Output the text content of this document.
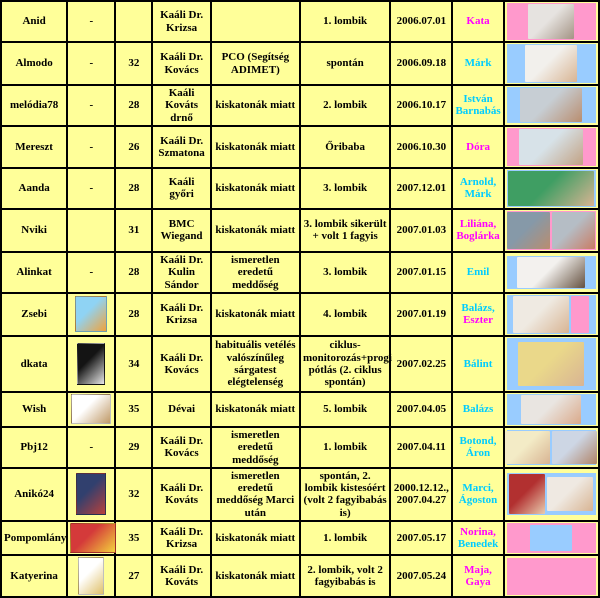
Anid	-		Kaáli Dr. Krizsa		1. lombik	2006.07.01	Kata	

Almodo	-	32	Kaáli Dr. Kovács	PCO (Segítség ADIMET)	spontán	2006.09.18	Márk	

melódia78	-	28	Kaáli Kováts drnő	kiskatonák miatt	2. lombik	2006.10.17	István Barnabás	

Mereszt	-	26	Kaáli Dr. Szmatona	kiskatonák miatt	Őribaba	2006.10.30	Dóra	

Aanda	-	28	Kaáli győri	kiskatonák miatt	3. lombik	2007.12.01	Arnold, Márk	

Nviki		31	BMC Wiegand	kiskatonák miatt	3. lombik sikerült + volt 1 fagyis	2007.01.03	Liliána, Boglárka	

Alinkat	-	28	Kaáli Dr. Kulin Sándor	ismeretlen eredetű meddőség	3. lombik	2007.01.15	Emil	

Zsebi		28	Kaáli Dr. Krizsa	kiskatonák miatt	4. lombik	2007.01.19	Balázs, Eszter	

dkata		34	Kaáli Dr. Kovács	habituális vetélés valószínűleg sárgatest elégtelenség	ciklus-monitorozás+progi pótlás (2. ciklus spontán)	2007.02.25	Bálint	

Wish		35	Dévai	kiskatonák miatt	5. lombik	2007.04.05	Balázs	

Pbj12	-	29	Kaáli Dr. Kovács	ismeretlen eredetű meddőség	1. lombik	2007.04.11	Botond, Áron	

Anikó24		32	Kaáli Dr. Kováts	ismeretlen eredetű meddőség Marci után	spontán, 2. lombik kistesóért (volt 2 fagyibabás is)	2000.12.12.,2007.04.27	Marci, Ágoston	

Pompomlány		35	Kaáli Dr. Krizsa	kiskatonák miatt	1. lombik	2007.05.17	Norina, Benedek	

Katyerina		27	Kaáli Dr. Kováts	kiskatonák miatt	2. lombik, volt 2 fagyibabás is	2007.05.24	Maja, Gaya	
